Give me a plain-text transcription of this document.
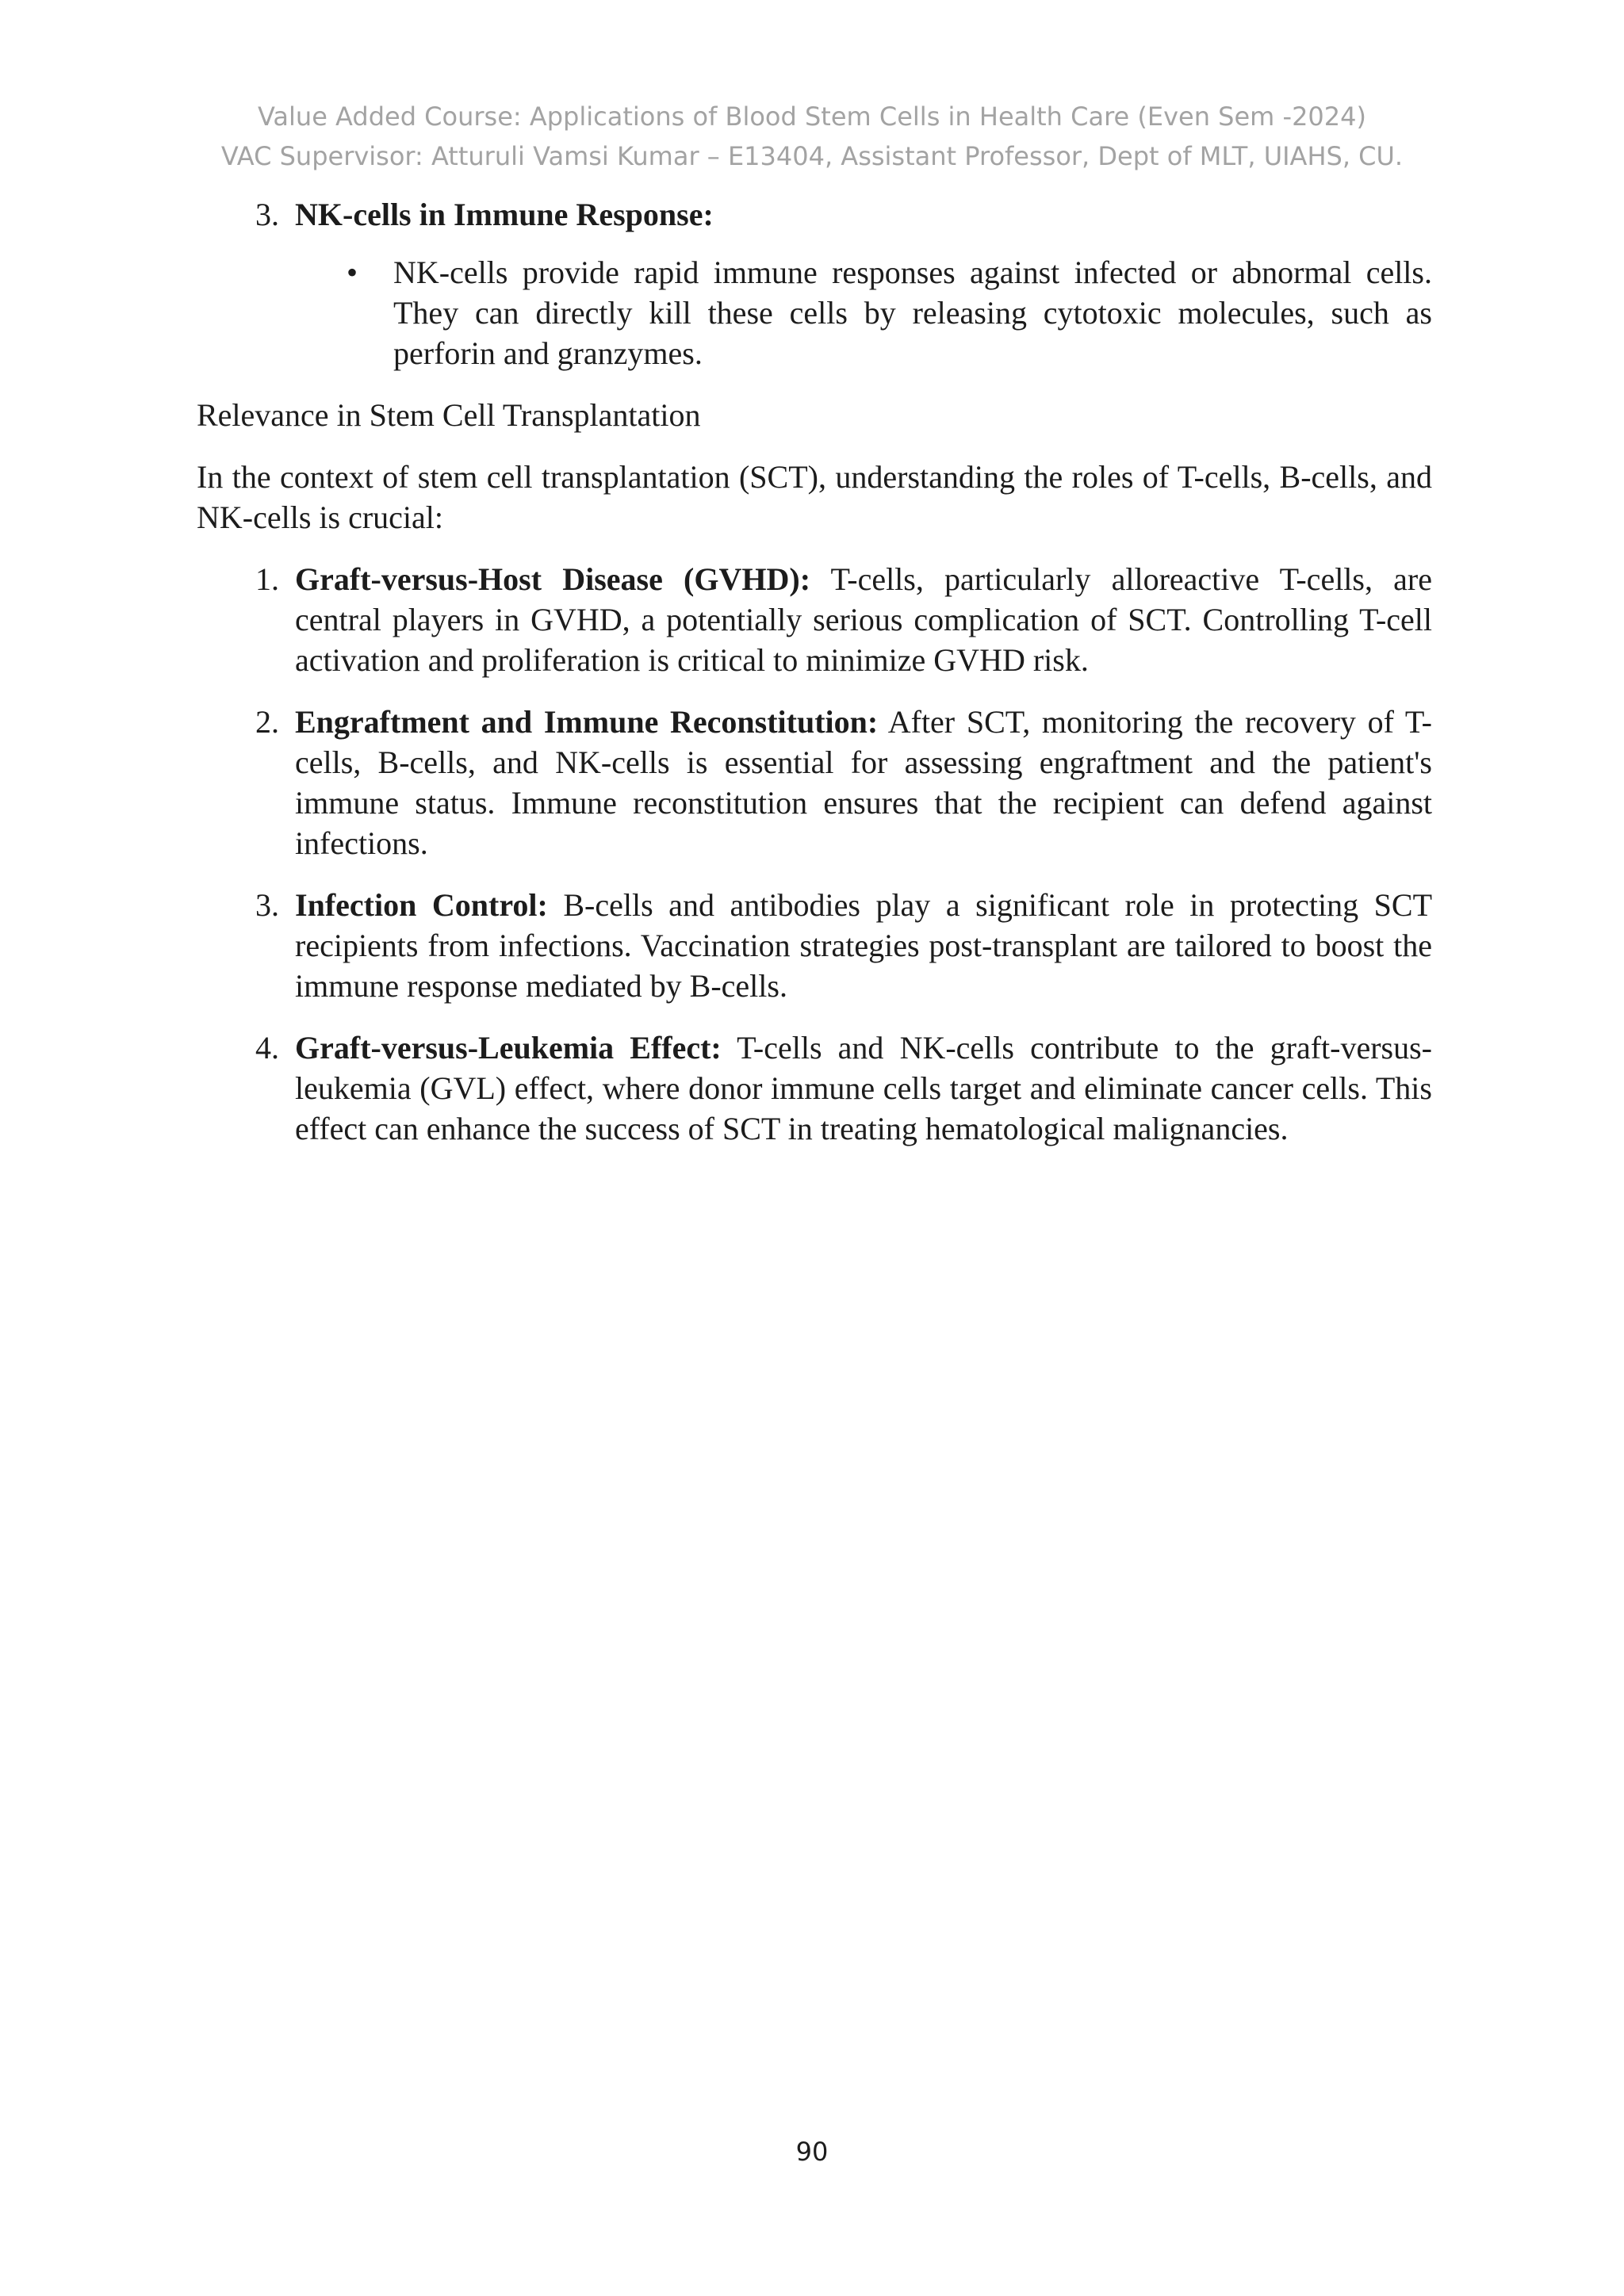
Value Added Course: Applications of Blood Stem Cells in Health Care (Even Sem -2024)
VAC Supervisor: Atturuli Vamsi Kumar – E13404, Assistant Professor, Dept of MLT, UIAHS, CU.
3. NK-cells in Immune Response:
•	NK-cells provide rapid immune responses against infected or abnormal cells. They can directly kill these cells by releasing cytotoxic molecules, such as perforin and granzymes.
Relevance in Stem Cell Transplantation
In the context of stem cell transplantation (SCT), understanding the roles of T-cells, B-cells, and NK-cells is crucial:
1. Graft-versus-Host Disease (GVHD): T-cells, particularly alloreactive T-cells, are central players in GVHD, a potentially serious complication of SCT. Controlling T-cell activation and proliferation is critical to minimize GVHD risk.
2. Engraftment and Immune Reconstitution: After SCT, monitoring the recovery of T-cells, B-cells, and NK-cells is essential for assessing engraftment and the patient's immune status. Immune reconstitution ensures that the recipient can defend against infections.
3. Infection Control: B-cells and antibodies play a significant role in protecting SCT recipients from infections. Vaccination strategies post-transplant are tailored to boost the immune response mediated by B-cells.
4. Graft-versus-Leukemia Effect: T-cells and NK-cells contribute to the graft-versus-leukemia (GVL) effect, where donor immune cells target and eliminate cancer cells. This effect can enhance the success of SCT in treating hematological malignancies.
90
